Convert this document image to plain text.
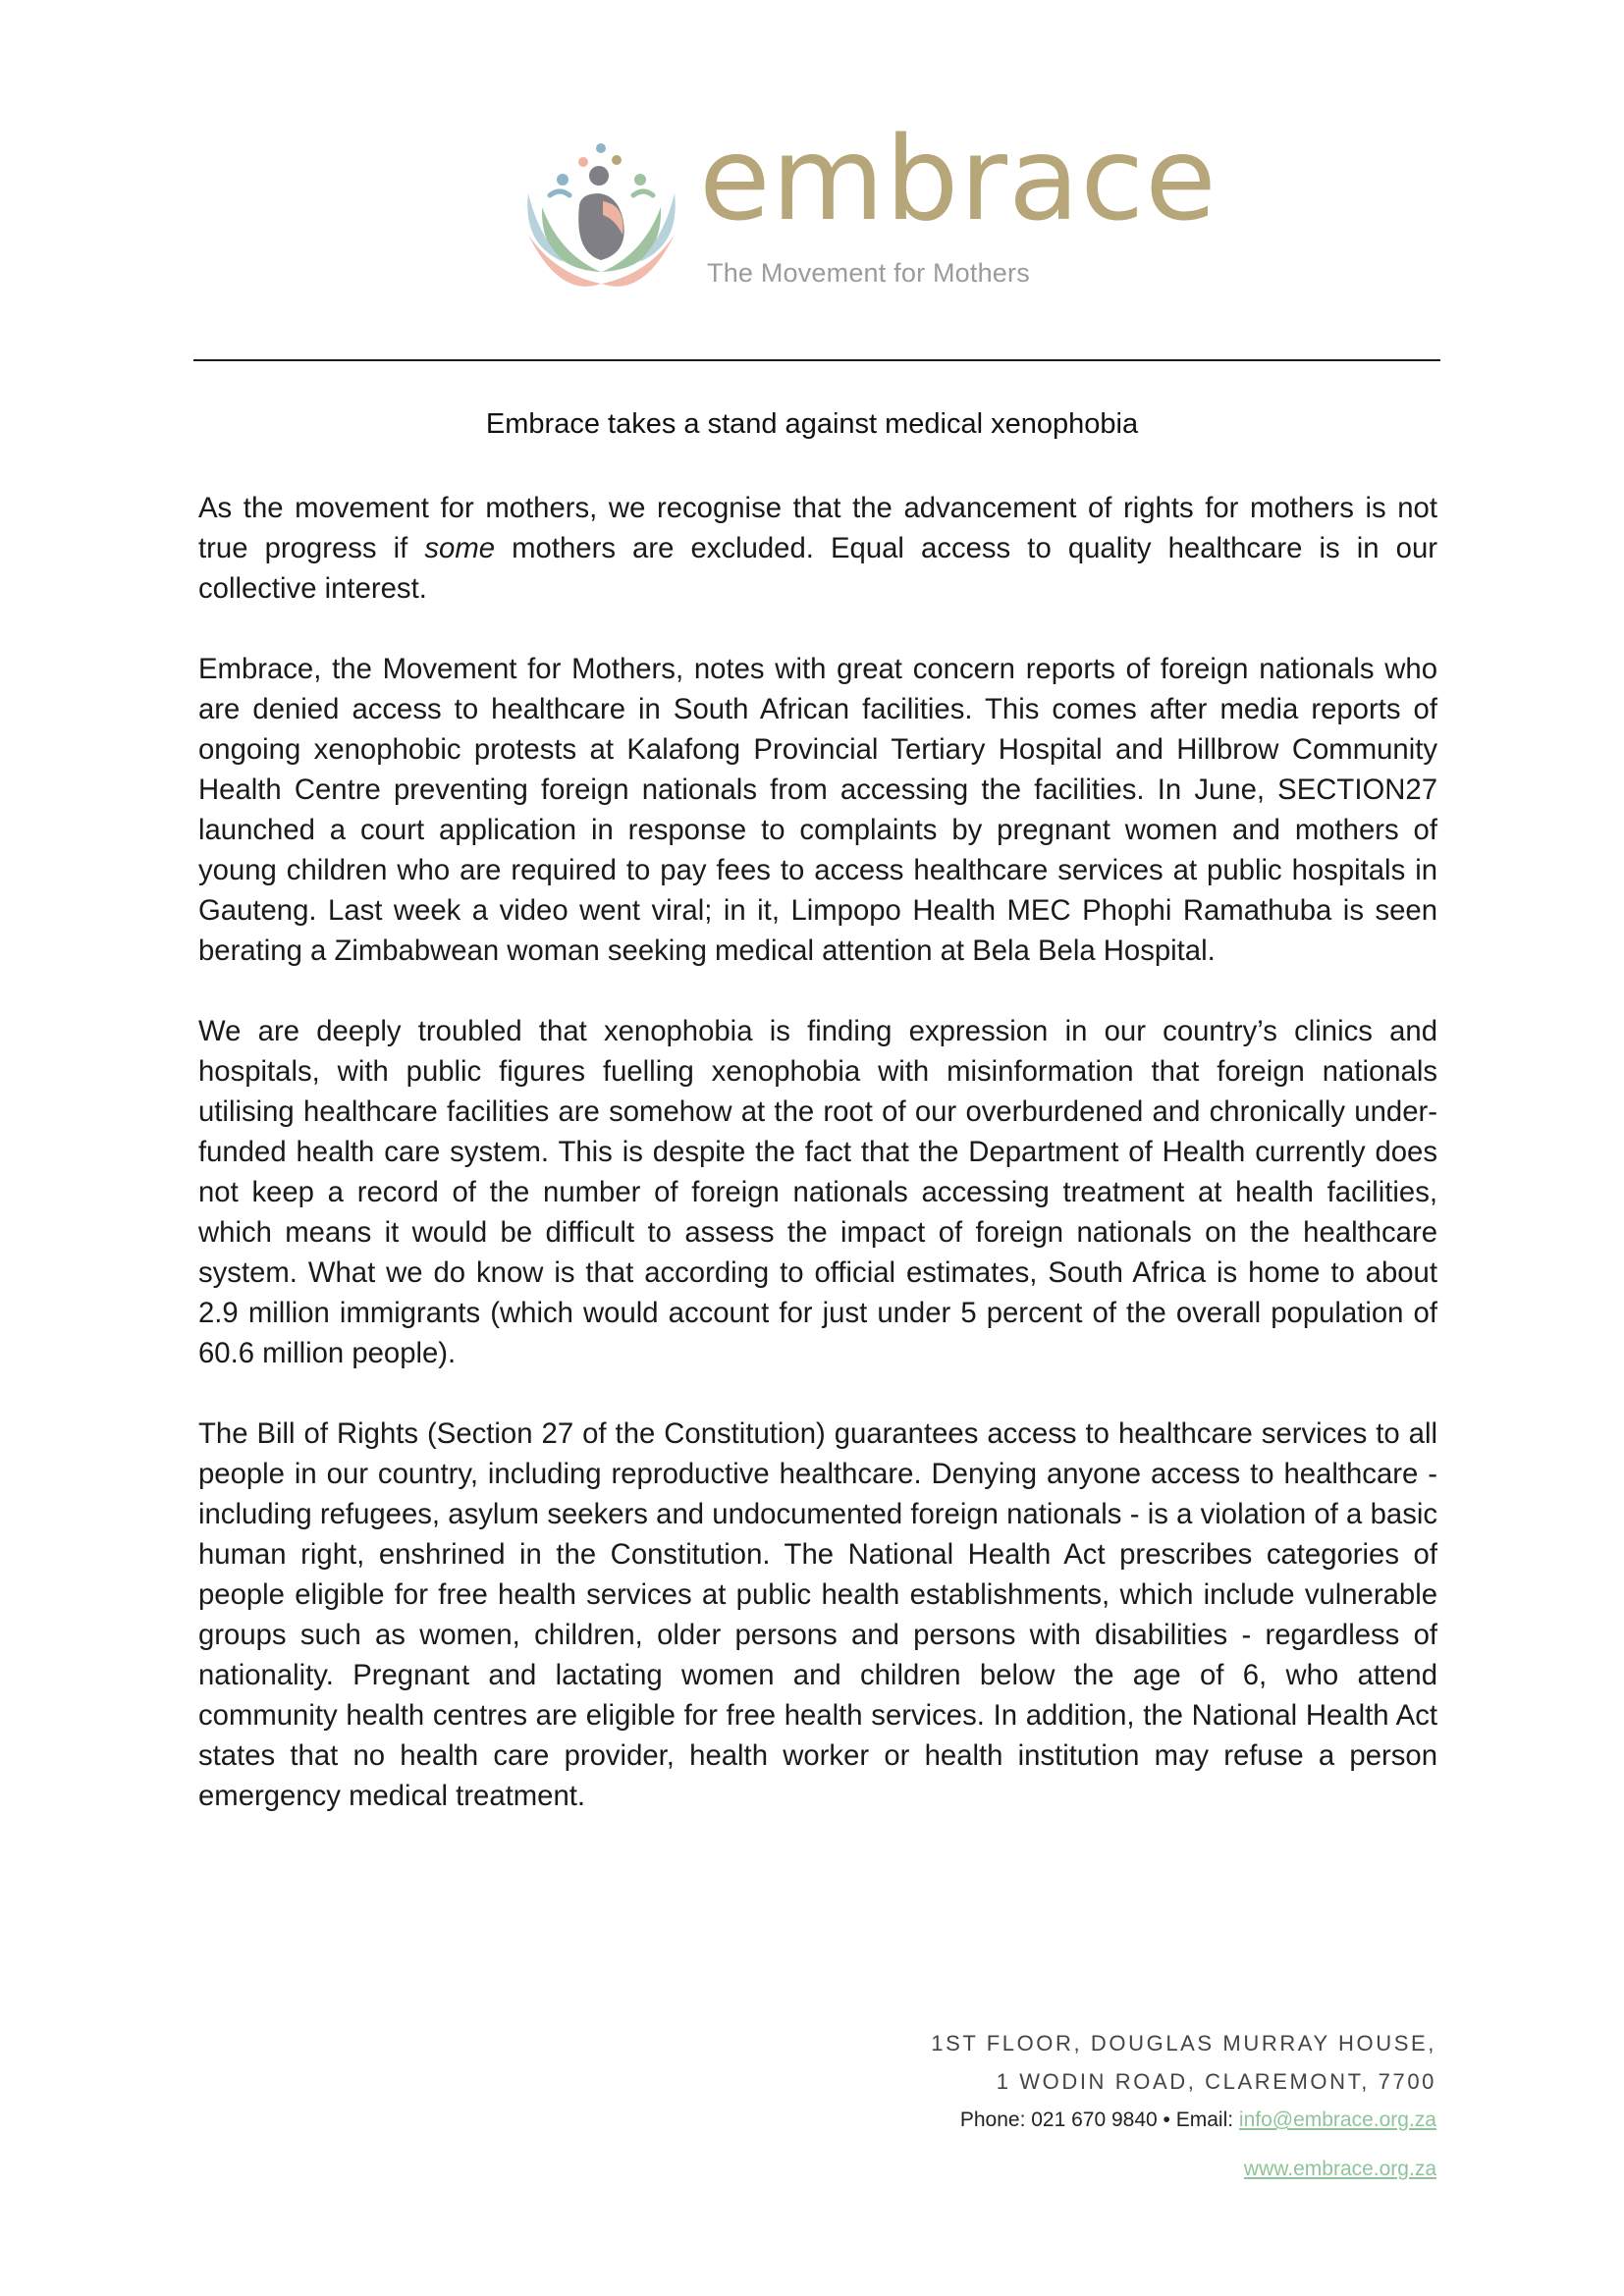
embrace
The Movement for Mothers
Embrace takes a stand against medical xenophobia

As the movement for mothers, we recognise that the advancement of rights for mothers is not true progress if some mothers are excluded. Equal access to quality healthcare is in our collective interest.

Embrace, the Movement for Mothers, notes with great concern reports of foreign nationals who are denied access to healthcare in South African facilities. This comes after media reports of ongoing xenophobic protests at Kalafong Provincial Tertiary Hospital and Hillbrow Community Health Centre preventing foreign nationals from accessing the facilities. In June, SECTION27 launched a court application in response to complaints by pregnant women and mothers of young children who are required to pay fees to access healthcare services at public hospitals in Gauteng. Last week a video went viral; in it, Limpopo Health MEC Phophi Ramathuba is seen berating a Zimbabwean woman seeking medical attention at Bela Bela Hospital.

We are deeply troubled that xenophobia is finding expression in our country’s clinics and hospitals, with public figures fuelling xenophobia with misinformation that foreign nationals utilising healthcare facilities are somehow at the root of our overburdened and chronically under-funded health care system. This is despite the fact that the Department of Health currently does not keep a record of the number of foreign nationals accessing treatment at health facilities, which means it would be difficult to assess the impact of foreign nationals on the healthcare system. What we do know is that according to official estimates, South Africa is home to about 2.9 million immigrants (which would account for just under 5 percent of the overall population of 60.6 million people).

The Bill of Rights (Section 27 of the Constitution) guarantees access to healthcare services to all people in our country, including reproductive healthcare. Denying anyone access to healthcare - including refugees, asylum seekers and undocumented foreign nationals - is a violation of a basic human right, enshrined in the Constitution. The National Health Act prescribes categories of people eligible for free health services at public health establishments, which include vulnerable groups such as women, children, older persons and persons with disabilities - regardless of nationality. Pregnant and lactating women and children below the age of 6, who attend community health centres are eligible for free health services. In addition, the National Health Act states that no health care provider, health worker or health institution may refuse a person emergency medical treatment.

1ST FLOOR, DOUGLAS MURRAY HOUSE,
1 WODIN ROAD, CLAREMONT, 7700
Phone: 021 670 9840 • Email: info@embrace.org.za
www.embrace.org.za
